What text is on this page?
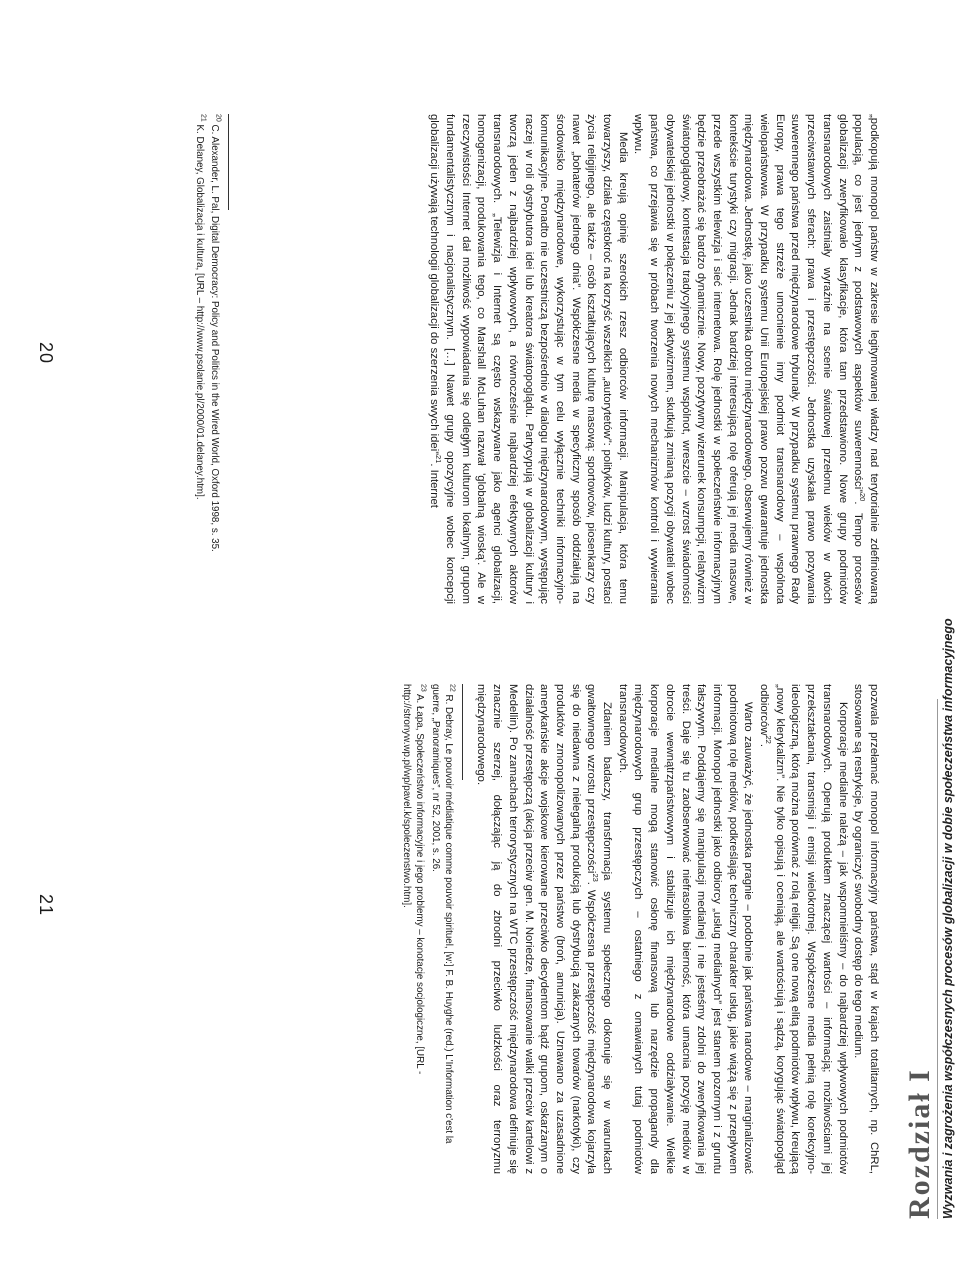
„podkopują monopol państw w zakresie legitymowanej władzy nad terytorialnie zdefiniowaną populacją, co jest jednym z podstawowych aspektów suwerenności”$^{20}$. Tempo procesów globalizacji zweryfikowało klasyfikacje, która tam przedstawiono. Nowe grupy podmiotów transnarodowych zaistniały wyraźnie na scenie światowej przełomu wieków w dwóch przeciwstawnych sferach: prawa i przestępczości. Jednostka uzyskała prawo pozywania suwerennego państwa przed międzynarodowe trybunały. W przypadku systemu prawnego Rady Europy, prawa tego strzeże umocnienie inny podmiot transnarodowy – wspólnota wielopaństwowa. W przypadku systemu Unii Europejskiej prawo pozwu gwarantuje jednostka międzynarodowa. Jednostkę, jako uczestnika obrotu międzynarodowego, obserwujemy również w kontekście turystyki czy migracji. Jednak bardziej interesującą rolę oferują jej media masowe, przede wszystkim telewizja i sieć internetowa. Rolę jednostki w społeczeństwie informacyjnym będzie przeobrażać się bardzo dynamicznie. Nowy, pozytywny wizerunek konsumpcji, relatywizm światopoglądowy, kontestacja tradycyjnego systemu wspólnot, wreszcie – wzrost świadomości obywatelskiej jednostki w połączeniu z jej aktywizmem, skutkują zmianą pozycji obywateli wobec państwa, co przejawia się w próbach tworzenia nowych mechanizmów kontroli i wywierania wpływu.

Media kreują opinię szerokich rzesz odbiorców informacji. Manipulacja, która temu towarzyszy, działa częstokroć na korzyść wszelkich „autorytetów”: polityków, ludzi kultury, postaci życia religijnego, ale także – osób kształtujących kulturę masową: sportowców, piosenkarzy czy nawet „bohaterów jednego dnia”. Współczesne media w specyficzny sposób oddziałują na środowisko międzynarodowe, wykorzystując w tym celu wyłącznie techniki informacyjno-komunikacyjne. Ponadto nie uczestniczą bezpośrednio w dialogu międzynarodowym, występując raczej w roli dystrybutora idei lub kreatora światopoglądu. Partycypują w globalizacji kultury i tworzą jeden z najbardziej wpływowych, a równocześnie najbardziej efektywnych aktorów transnarodowych. „Telewizja i Internet są często wskazywane jako agenci globalizacji, homogenizacji, produkowania tego, co Marshall McLuhan nazwał 'globalną wioską'. Ale w rzeczywistości Internet dał możliwość wypowiadania się odległym kulturom lokalnym, grupom fundamentalistycznym i nacjonalistycznym. […] Nawet grupy opozycyjne wobec koncepcji globalizacji używają technologii globalizacji do szerzenia swych idei”$^{21}$. Internet

$^{20}$ C. Alexander, L. Pal, Digital Democracy: Policy and Politics in the Wired World, Oxford 1998, s. 35.

$^{21}$ K. Delaney, Globalizacja i kultura, [URL – http://www.psolanie.pl/2000/01.delaney.htm].

20

pozwala przełamać monopol informacyjny państwa, stąd w krajach totalitarnych, np. ChRL, stosowane są restrykcje, by ograniczyć swobodny dostęp do tego medium.

Korporacje medialne należą – jak wspomnieliśmy – do najbardziej wpływowych podmiotów transnarodowych. Operują produktem znaczącej wartości – informacją; możliwościami jej przekształcania, transmisji i emisji wielokrotnej. Współczesne media pełnią rolę korekcyjno-ideologiczną, którą można porównać z rolą religii. Są one nową elitą podmiotów wpływu, kreującą „nowy klerykalizm”. Nie tylko opisują i oceniają, ale wartościują i sądzą, korygując światopogląd odbiorców$^{22}$.

Warto zauważyć, że jednostka pragnie – podobnie jak państwa narodowe – marginalizować podmiotową rolę mediów, podkreślając techniczny charakter usług, jakie wiążą się z przepływem informacji. Monopol jednostki jako odbiorcy „usług medialnych” jest stanem pozornym i z gruntu fałszywym. Poddajemy się manipulacji medialnej i nie jesteśmy zdolni do zweryfikowania jej treści. Daje się tu zaobserwować niefrasobliwa bierność, która umacnia pozycję mediów w obrocie wewnątrzpaństwowym i stabilizuje ich międzynarodowe oddziaływanie. Wielkie korporacje medialne mogą stanowić osłonę finansową lub narzędzie propagandy dla międzynarodowych grup przestępczych – ostatniego z omawianych tutaj podmiotów transnarodowych.

Zdaniem badaczy, transformacja systemu społecznego dokonuje się w warunkach gwałtownego wzrostu przestępczości$^{23}$. Współczesna przestępczość międzynarodowa kojarzyła się do niedawna z nielegalną produkcją lub dystrybucją zakazanych towarów (narkotyki), czy produktów zmonopolizowanych przez państwo (broń, amunicja). Uznawano za uzasadnione amerykańskie akcje wojskowe kierowane przeciwko decydentom bądź grupom, oskarżanym o działalność przestępczą (akcja przeciw gen. M. Noriedze, finansowanie walki przeciw kartelowi z Medellin). Po zamachach terrorystycznych na WTC przestępczość międzynarodowa definiuje się znacznie szerzej, dołączając ją do zbrodni przeciwko ludzkości oraz terroryzmu międzynarodowego.

$^{22}$ R. Debray, Le pouvoir médiatique comme pouvoir spirituel, [w:] F. B. Huyghe (red.) L'Information c'est la guerre, „Panoramiques”, nr 52, 2001, s. 26.

$^{23}$ A. Łapa, Społeczeństwo informacyjne i jego problemy – konotacje socjologiczne, [URL -http://stronyw.wp.pl/wp/pavel.k/spoleczenstwo.htm].

21
Rozdział I Wyzwania i zagrożenia współczesnych procesów globalizacji w dobie społeczeństwa informacyjnego
